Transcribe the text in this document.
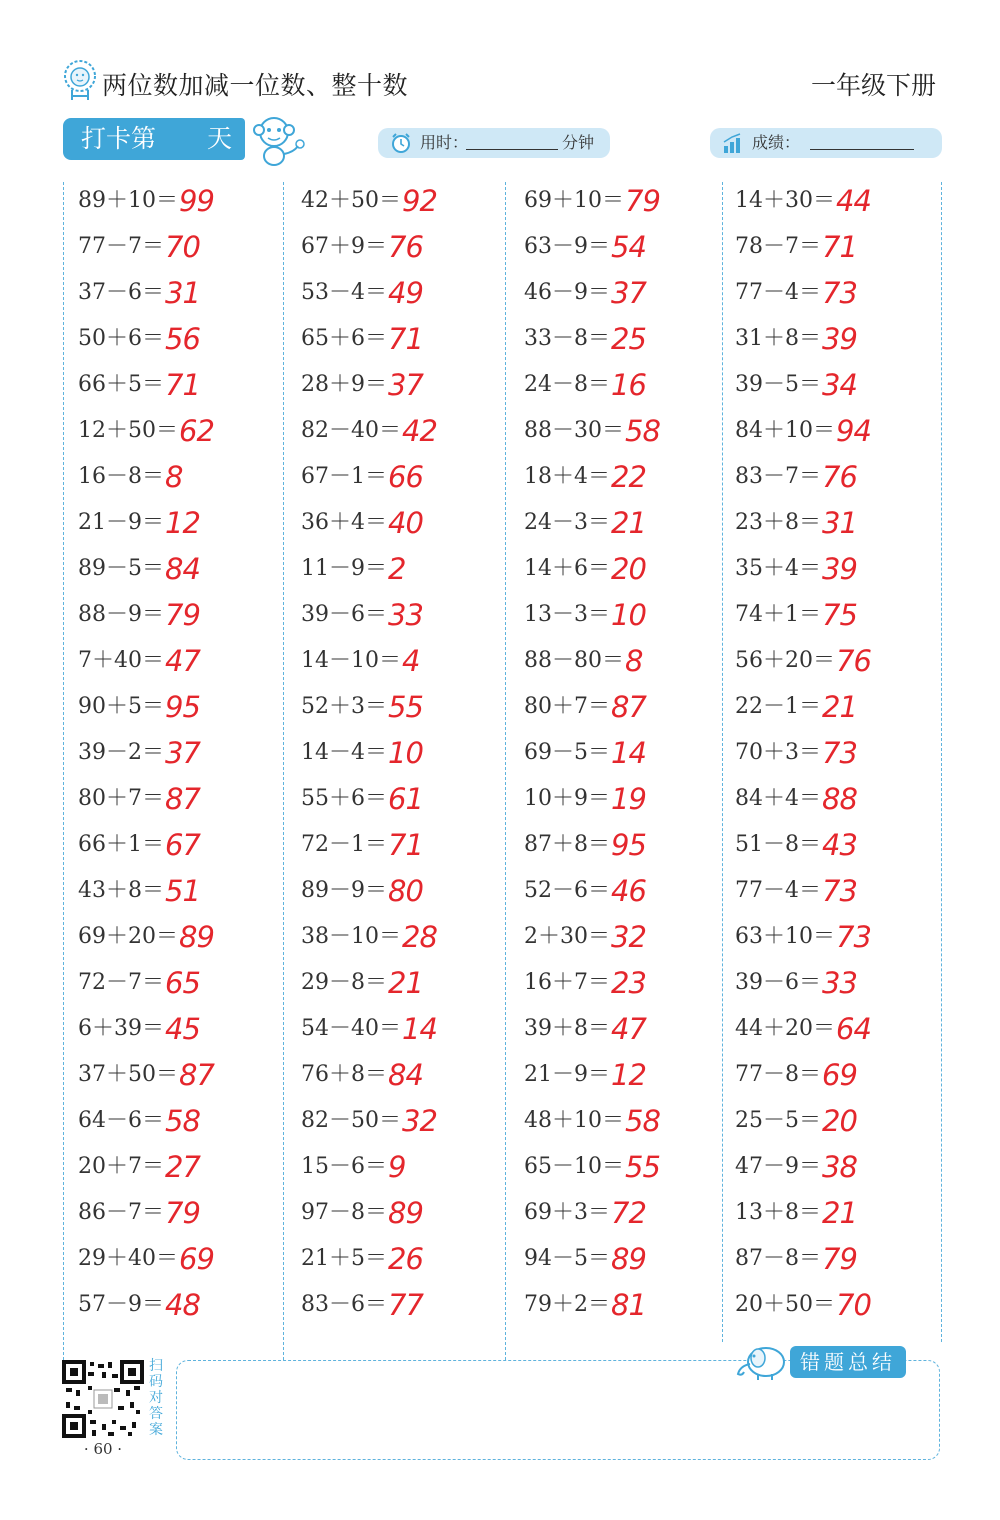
两位数加减一位数、整十数	一年级下册
打卡第 天	用时：	分钟	成绩：
89＋10＝99
77－7＝70
37－6＝31
50＋6＝56
66＋5＝71
12＋50＝62
16－8＝8
21－9＝12
89－5＝84
88－9＝79
7＋40＝47
90＋5＝95
39－2＝37
80＋7＝87
66＋1＝67
43＋8＝51
69＋20＝89
72－7＝65
6＋39＝45
37＋50＝87
64－6＝58
20＋7＝27
86－7＝79
29＋40＝69
57－9＝48
42＋50＝92
67＋9＝76
53－4＝49
65＋6＝71
28＋9＝37
82－40＝42
67－1＝66
36＋4＝40
11－9＝2
39－6＝33
14－10＝4
52＋3＝55
14－4＝10
55＋6＝61
72－1＝71
89－9＝80
38－10＝28
29－8＝21
54－40＝14
76＋8＝84
82－50＝32
15－6＝9
97－8＝89
21＋5＝26
83－6＝77
69＋10＝79
63－9＝54
46－9＝37
33－8＝25
24－8＝16
88－30＝58
18＋4＝22
24－3＝21
14＋6＝20
13－3＝10
88－80＝8
80＋7＝87
69－5＝14
10＋9＝19
87＋8＝95
52－6＝46
2＋30＝32
16＋7＝23
39＋8＝47
21－9＝12
48＋10＝58
65－10＝55
69＋3＝72
94－5＝89
79＋2＝81
14＋30＝44
78－7＝71
77－4＝73
31＋8＝39
39－5＝34
84＋10＝94
83－7＝76
23＋8＝31
35＋4＝39
74＋1＝75
56＋20＝76
22－1＝21
70＋3＝73
84＋4＝88
51－8＝43
77－4＝73
63＋10＝73
39－6＝33
44＋20＝64
77－8＝69
25－5＝20
47－9＝38
13＋8＝21
87－8＝79
20＋50＝70
错题总结
扫码对答案
· 60 ·
